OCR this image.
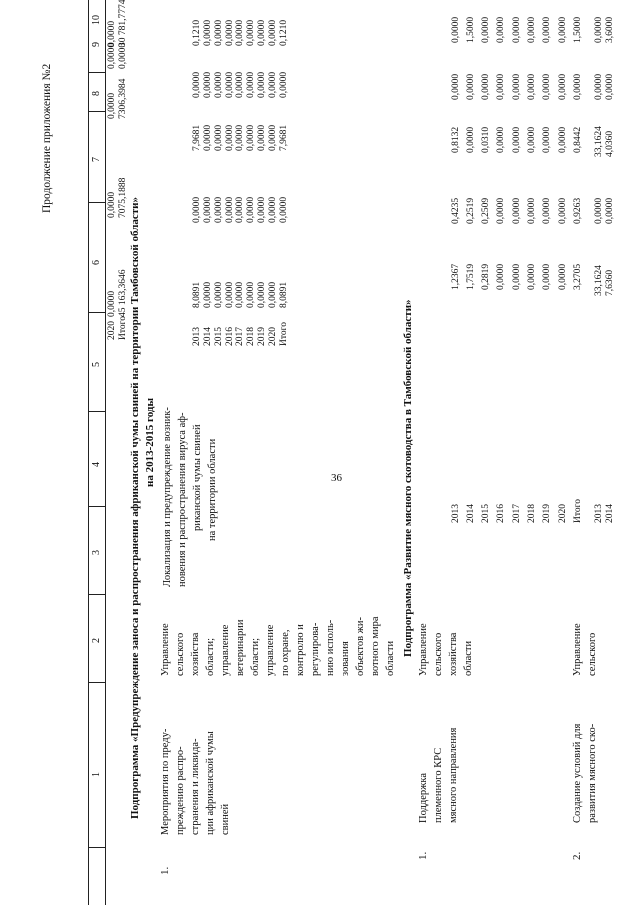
36
Продолжение приложения №2
1
2
3
4
5
6
7
8
9
10
2020 Итого
0,0000 45 163,3646
0,0000 7075,1888
0,0000 7306,3984
0,0000 0,0000
0,0000 30 781,7774
Подпрограмма «Предупреждение заноса и распространения африканской чумы свиней на территории Тамбовской области» на 2013-2015 годы
1.
Мероприятия по преду- преждению распро- странения и ликвида- ции африканской чумы свиней
Управление сельского хозяйства области; управление ветеринарии области; управление по охране, контролю и регулирова- нию исполь- зования объектов жи- вотного мира области
Локализация и предупреждение возник- новения и распространения вируса аф- риканской чумы свиней на территории области

2013 2014 2015 2016 2017 2018 2019 2020 Итого

8,0891 0,0000 0,0000 0,0000 0,0000 0,0000 0,0000 0,0000 8,0891

0,0000 0,0000 0,0000 0,0000 0,0000 0,0000 0,0000 0,0000 0,0000

7,9681 0,0000 0,0000 0,0000 0,0000 0,0000 0,0000 0,0000 7,9681

0,0000 0,0000 0,0000 0,0000 0,0000 0,0000 0,0000 0,0000 0,0000

0,1210 0,0000 0,0000 0,0000 0,0000 0,0000 0,0000 0,0000 0,1210

Подпрограмма «Развитие мясного скотоводства в Тамбовской области»
1.
Поддержка племенного КРС мясного направления
Управление сельского хозяйства области

2013 2014 2015 2016 2017 2018 2019 2020 Итого

1,2367 1,7519 0,2819 0,0000 0,0000 0,0000 0,0000 0,0000 3,2705

0,4235 0,2519 0,2509 0,0000 0,0000 0,0000 0,0000 0,0000 0,9263

0,8132 0,0000 0,0310 0,0000 0,0000 0,0000 0,0000 0,0000 0,8442

0,0000 0,0000 0,0000 0,0000 0,0000 0,0000 0,0000 0,0000 0,0000

0,0000 1,5000 0,0000 0,0000 0,0000 0,0000 0,0000 0,0000 1,5000

2.
Создание условий для развития мясного ско-
Управление сельского

2013 2014

33,1624 7,6360

0,0000 0,0000

33,1624 4,0360

0,0000 0,0000

0,0000 3,6000
